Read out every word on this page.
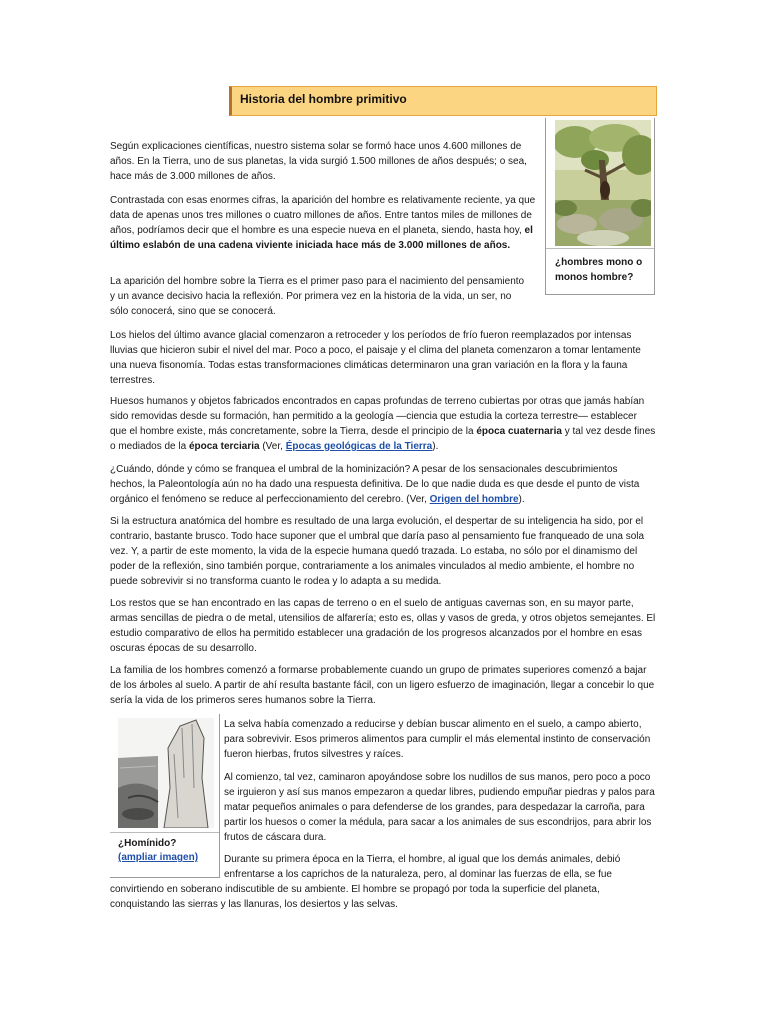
Historia del hombre primitivo
¿hombres mono o monos hombre?

Según explicaciones científicas, nuestro sistema solar se formó hace unos 4.600 millones de años. En la Tierra, uno de sus planetas, la vida surgió 1.500 millones de años después; o sea, hace más de 3.000 millones de años.

Contrastada con esas enormes cifras, la aparición del hombre es relativamente reciente, ya que data de apenas unos tres millones o cuatro millones de años. Entre tantos miles de millones de años, podríamos decir que el hombre es una especie nueva en el planeta, siendo, hasta hoy, el último eslabón de una cadena viviente iniciada hace más de 3.000 millones de años.

La aparición del hombre sobre la Tierra es el primer paso para el nacimiento del pensamiento y un avance decisivo hacia la reflexión. Por primera vez en la historia de la vida, un ser, no sólo conocerá, sino que se conocerá.

Los hielos del último avance glacial comenzaron a retroceder y los períodos de frío fueron reemplazados por intensas lluvias que hicieron subir el nivel del mar. Poco a poco, el paisaje y el clima del planeta comenzaron a tomar lentamente una nueva fisonomía. Todas estas transformaciones climáticas determinaron una gran variación en la flora y la fauna terrestres.

Huesos humanos y objetos fabricados encontrados en capas profundas de terreno cubiertas por otras que jamás habían sido removidas desde su formación, han permitido a la geología —ciencia que estudia la corteza terrestre— establecer que el hombre existe, más concretamente, sobre la Tierra, desde el principio de la época cuaternaria y tal vez desde fines o mediados de la época terciaria (Ver, Épocas geológicas de la Tierra).

¿Cuándo, dónde y cómo se franquea el umbral de la hominización? A pesar de los sensacionales descubrimientos hechos, la Paleontología aún no ha dado una respuesta definitiva. De lo que nadie duda es que desde el punto de vista orgánico el fenómeno se reduce al perfeccionamiento del cerebro. (Ver, Origen del hombre).

Si la estructura anatómica del hombre es resultado de una larga evolución, el despertar de su inteligencia ha sido, por el contrario, bastante brusco. Todo hace suponer que el umbral que daría paso al pensamiento fue franqueado de una sola vez. Y, a partir de este momento, la vida de la especie humana quedó trazada. Lo estaba, no sólo por el dinamismo del poder de la reflexión, sino también porque, contrariamente a los animales vinculados al medio ambiente, el hombre no puede sobrevivir si no transforma cuanto le rodea y lo adapta a su medida.

Los restos que se han encontrado en las capas de terreno o en el suelo de antiguas cavernas son, en su mayor parte, armas sencillas de piedra o de metal, utensilios de alfarería; esto es, ollas y vasos de greda, y otros objetos semejantes. El estudio comparativo de ellos ha permitido establecer una gradación de los progresos alcanzados por el hombre en esas oscuras épocas de su desarrollo.

La familia de los hombres comenzó a formarse probablemente cuando un grupo de primates superiores comenzó a bajar de los árboles al suelo. A partir de ahí resulta bastante fácil, con un ligero esfuerzo de imaginación, llegar a concebir lo que sería la vida de los primeros seres humanos sobre la Tierra.

¿Homínido?
(ampliar imagen)

La selva había comenzado a reducirse y debían buscar alimento en el suelo, a campo abierto, para sobrevivir. Esos primeros alimentos para cumplir el más elemental instinto de conservación fueron hierbas, frutos silvestres y raíces.

Al comienzo, tal vez, caminaron apoyándose sobre los nudillos de sus manos, pero poco a poco se irguieron y así sus manos empezaron a quedar libres, pudiendo empuñar piedras y palos para matar pequeños animales o para defenderse de los grandes, para despedazar la carroña, para partir los huesos o comer la médula, para sacar a los animales de sus escondrijos, para abrir los frutos de cáscara dura.

Durante su primera época en la Tierra, el hombre, al igual que los demás animales, debió enfrentarse a los caprichos de la naturaleza, pero, al dominar las fuerzas de ella, se fue

convirtiendo en soberano indiscutible de su ambiente. El hombre se propagó por toda la superficie del planeta, conquistando las sierras y las llanuras, los desiertos y las selvas.
